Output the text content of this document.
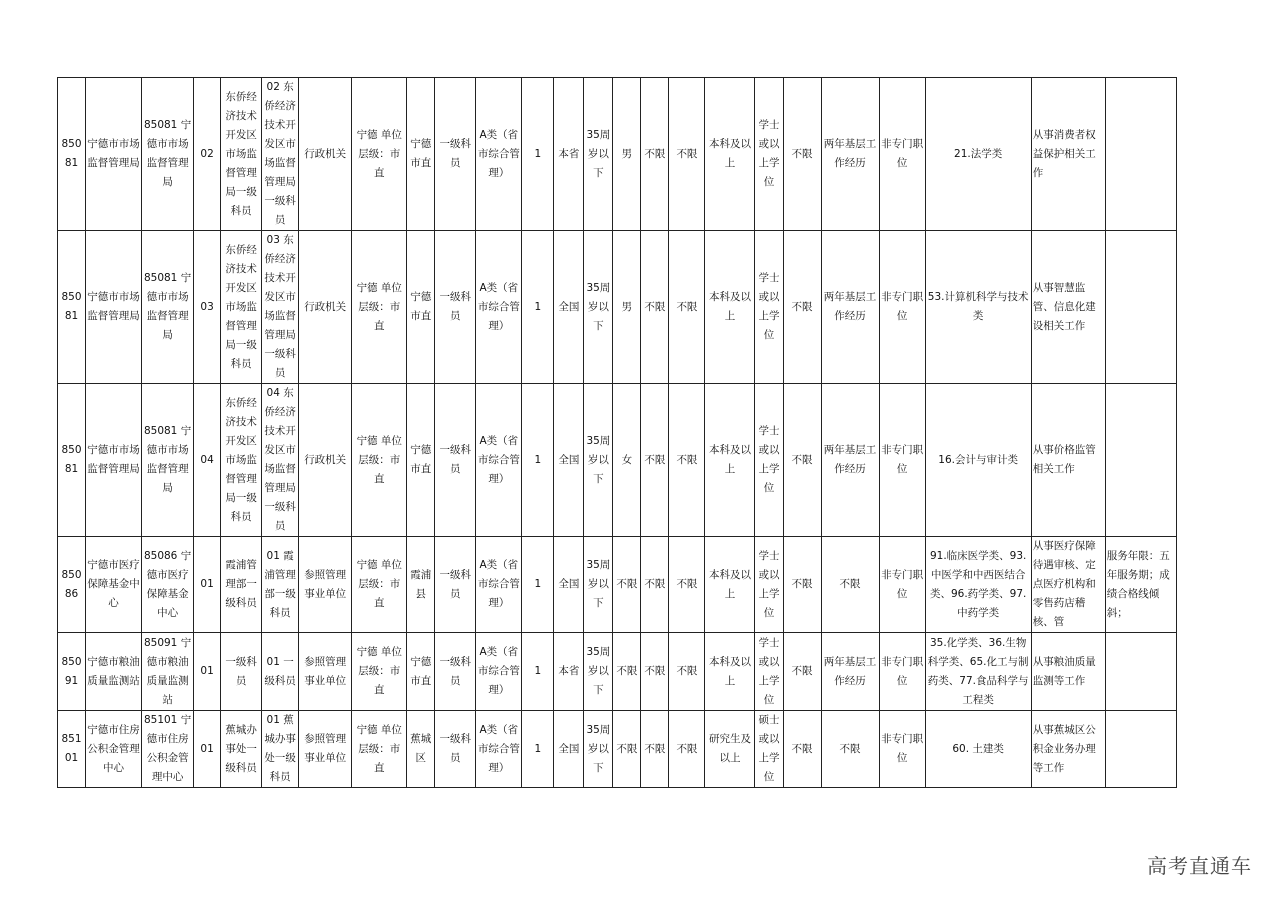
85081	宁德市市场监督管理局	85081 宁德市市场监督管理局	02	东侨经济技术开发区市场监督管理局一级科员	02 东侨经济技术开发区市场监督管理局一级科员	行政机关	宁德 单位层级：市直	宁德市直	一级科员	A类（省市综合管理）	1	本省	35周岁以下	男	不限	不限	本科及以上	学士或以上学位	不限	两年基层工作经历	非专门职位	21.法学类	从事消费者权益保护相关工作	
85081	宁德市市场监督管理局	85081 宁德市市场监督管理局	03	东侨经济技术开发区市场监督管理局一级科员	03 东侨经济技术开发区市场监督管理局一级科员	行政机关	宁德 单位层级：市直	宁德市直	一级科员	A类（省市综合管理）	1	全国	35周岁以下	男	不限	不限	本科及以上	学士或以上学位	不限	两年基层工作经历	非专门职位	53.计算机科学与技术类	从事智慧监管、信息化建设相关工作	
85081	宁德市市场监督管理局	85081 宁德市市场监督管理局	04	东侨经济技术开发区市场监督管理局一级科员	04 东侨经济技术开发区市场监督管理局一级科员	行政机关	宁德 单位层级：市直	宁德市直	一级科员	A类（省市综合管理）	1	全国	35周岁以下	女	不限	不限	本科及以上	学士或以上学位	不限	两年基层工作经历	非专门职位	16.会计与审计类	从事价格监管相关工作	
85086	宁德市医疗保障基金中心	85086 宁德市医疗保障基金中心	01	霞浦管理部一级科员	01 霞浦管理部一级科员	参照管理事业单位	宁德 单位层级：市直	霞浦县	一级科员	A类（省市综合管理）	1	全国	35周岁以下	不限	不限	不限	本科及以上	学士或以上学位	不限	不限	非专门职位	91.临床医学类、93.中医学和中西医结合类、96.药学类、97.中药学类	从事医疗保障待遇审核、定点医疗机构和零售药店稽核、管	服务年限：五年服务期；成绩合格线倾斜；
85091	宁德市粮油质量监测站	85091 宁德市粮油质量监测站	01	一级科员	01 一级科员	参照管理事业单位	宁德 单位层级：市直	宁德市直	一级科员	A类（省市综合管理）	1	本省	35周岁以下	不限	不限	不限	本科及以上	学士或以上学位	不限	两年基层工作经历	非专门职位	35.化学类、36.生物科学类、65.化工与制药类、77.食品科学与工程类	从事粮油质量监测等工作	
85101	宁德市住房公积金管理中心	85101 宁德市住房公积金管理中心	01	蕉城办事处一级科员	01 蕉城办事处一级科员	参照管理事业单位	宁德 单位层级：市直	蕉城区	一级科员	A类（省市综合管理）	1	全国	35周岁以下	不限	不限	不限	研究生及以上	硕士或以上学位	不限	不限	非专门职位	60. 土建类	从事蕉城区公积金业务办理等工作	
高考直通车
